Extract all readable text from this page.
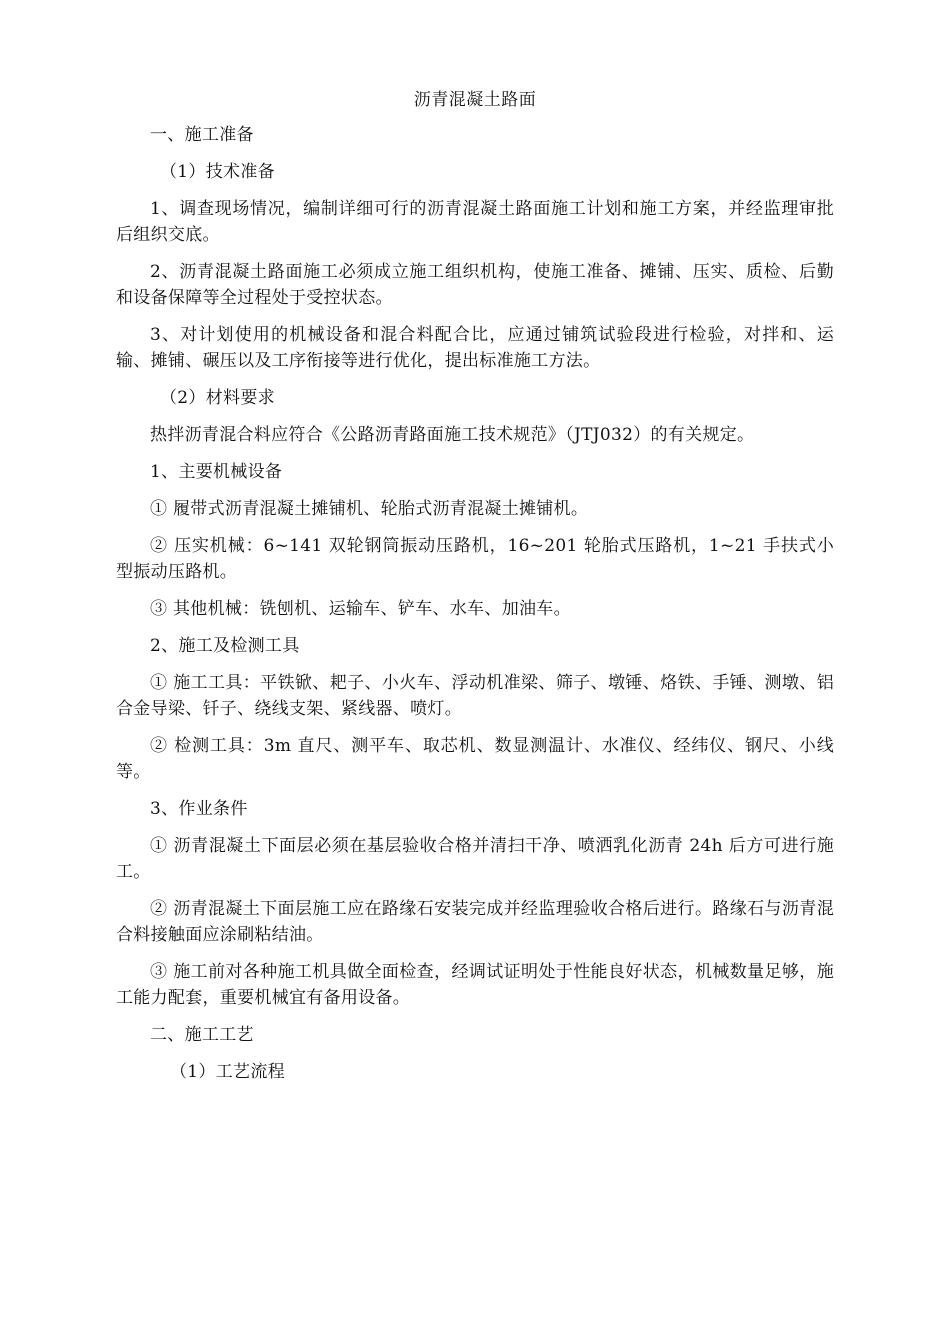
沥青混凝土路面
一、施工准备
（1）技术准备
1、调查现场情况，编制详细可行的沥青混凝土路面施工计划和施工方案，并经监理审批后组织交底。
2、沥青混凝土路面施工必须成立施工组织机构，使施工准备、摊铺、压实、质检、后勤和设备保障等全过程处于受控状态。
3、对计划使用的机械设备和混合料配合比，应通过铺筑试验段进行检验，对拌和、运输、摊铺、碾压以及工序衔接等进行优化，提出标准施工方法。
（2）材料要求
热拌沥青混合料应符合《公路沥青路面施工技术规范》（JTJ032）的有关规定。
1、主要机械设备
① 履带式沥青混凝土摊铺机、轮胎式沥青混凝土摊铺机。
② 压实机械：6~141 双轮钢筒振动压路机，16~201 轮胎式压路机，1~21 手扶式小型振动压路机。
③ 其他机械：铣刨机、运输车、铲车、水车、加油车。
2、施工及检测工具
① 施工工具：平铁锨、耙子、小火车、浮动机准梁、筛子、墩锤、烙铁、手锤、测墩、铝合金导梁、钎子、绕线支架、紧线器、喷灯。
② 检测工具：3m 直尺、测平车、取芯机、数显测温计、水准仪、经纬仪、钢尺、小线等。
3、作业条件
① 沥青混凝土下面层必须在基层验收合格并清扫干净、喷洒乳化沥青 24h 后方可进行施工。
② 沥青混凝土下面层施工应在路缘石安装完成并经监理验收合格后进行。路缘石与沥青混合料接触面应涂刷粘结油。
③ 施工前对各种施工机具做全面检查，经调试证明处于性能良好状态，机械数量足够，施工能力配套，重要机械宜有备用设备。
二、施工工艺
（1）工艺流程
